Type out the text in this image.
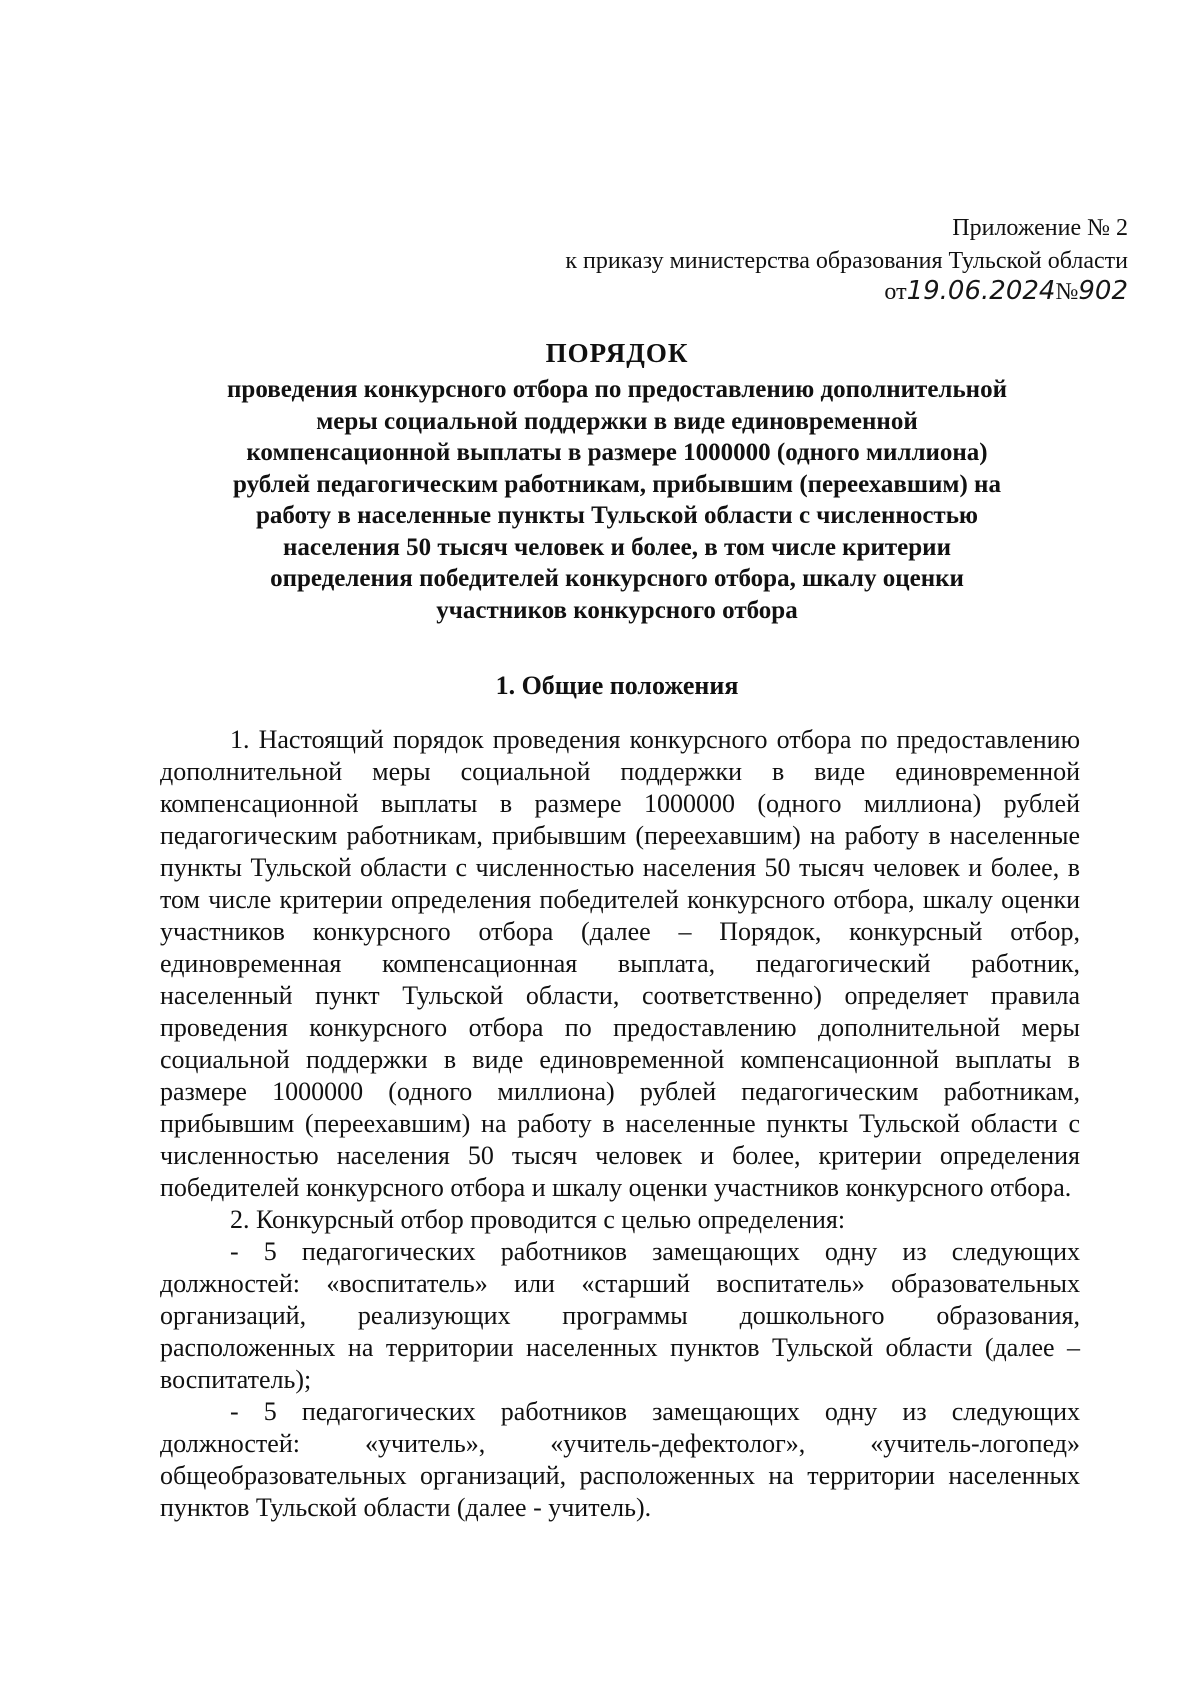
Приложение № 2
к приказу министерства образования Тульской области
от19.06.2024№902
ПОРЯДОК
проведения конкурсного отбора по предоставлению дополнительной
меры социальной поддержки в виде единовременной
компенсационной выплаты в размере 1000000 (одного миллиона)
рублей педагогическим работникам, прибывшим (переехавшим) на
работу в населенные пункты Тульской области с численностью
населения 50 тысяч человек и более, в том числе критерии
определения победителей конкурсного отбора, шкалу оценки
участников конкурсного отбора
1. Общие положения

1. Настоящий порядок проведения конкурсного отбора по предоставлению дополнительной меры социальной поддержки в виде единовременной компенсационной выплаты в размере 1000000 (одного миллиона) рублей педагогическим работникам, прибывшим (переехавшим) на работу в населенные пункты Тульской области с численностью населения 50 тысяч человек и более, в том числе критерии определения победителей конкурсного отбора, шкалу оценки участников конкурсного отбора (далее – Порядок, конкурсный отбор, единовременная компенсационная выплата, педагогический работник, населенный пункт Тульской области, соответственно) определяет правила проведения конкурсного отбора по предоставлению дополнительной меры социальной поддержки в виде единовременной компенсационной выплаты в размере 1000000 (одного миллиона) рублей педагогическим работникам, прибывшим (переехавшим) на работу в населенные пункты Тульской области с численностью населения 50 тысяч человек и более, критерии определения победителей конкурсного отбора и шкалу оценки участников конкурсного отбора.

2. Конкурсный отбор проводится с целью определения:

- 5 педагогических работников замещающих одну из следующих должностей: «воспитатель» или «старший воспитатель» образовательных организаций, реализующих программы дошкольного образования, расположенных на территории населенных пунктов Тульской области (далее – воспитатель);

- 5 педагогических работников замещающих одну из следующих должностей: «учитель», «учитель-дефектолог», «учитель-логопед» общеобразовательных организаций, расположенных на территории населенных пунктов Тульской области (далее - учитель).
